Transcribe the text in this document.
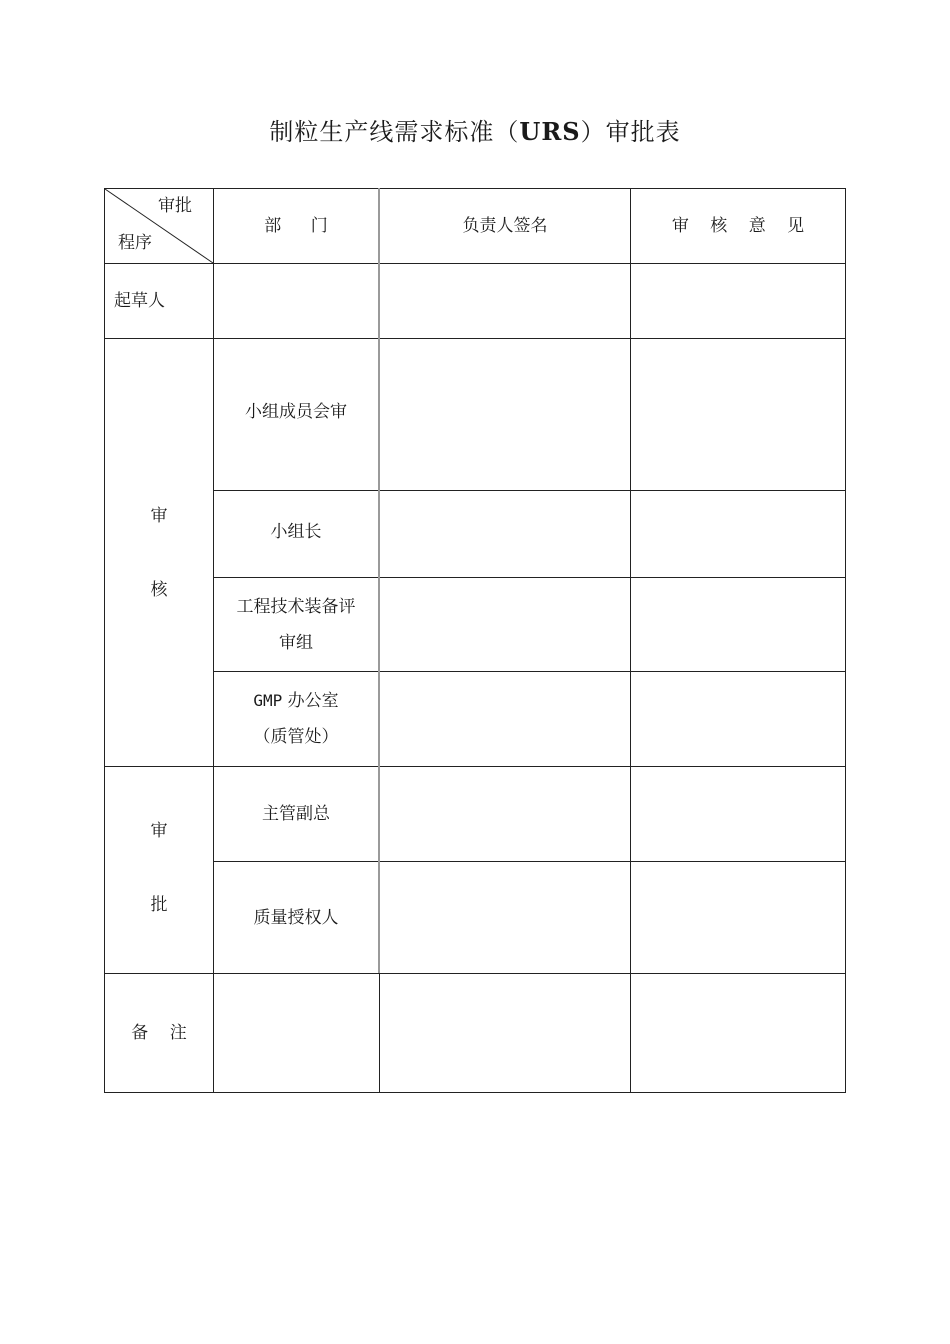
制粒生产线需求标准（URS）审批表
审批
程序
部 门	负责人签名	审 核 意 见
起草人
审
核
小组成员会审
小组长
工程技术装备评
审组
GMP 办公室
（质管处）
审
批
主管副总
质量授权人
备 注
